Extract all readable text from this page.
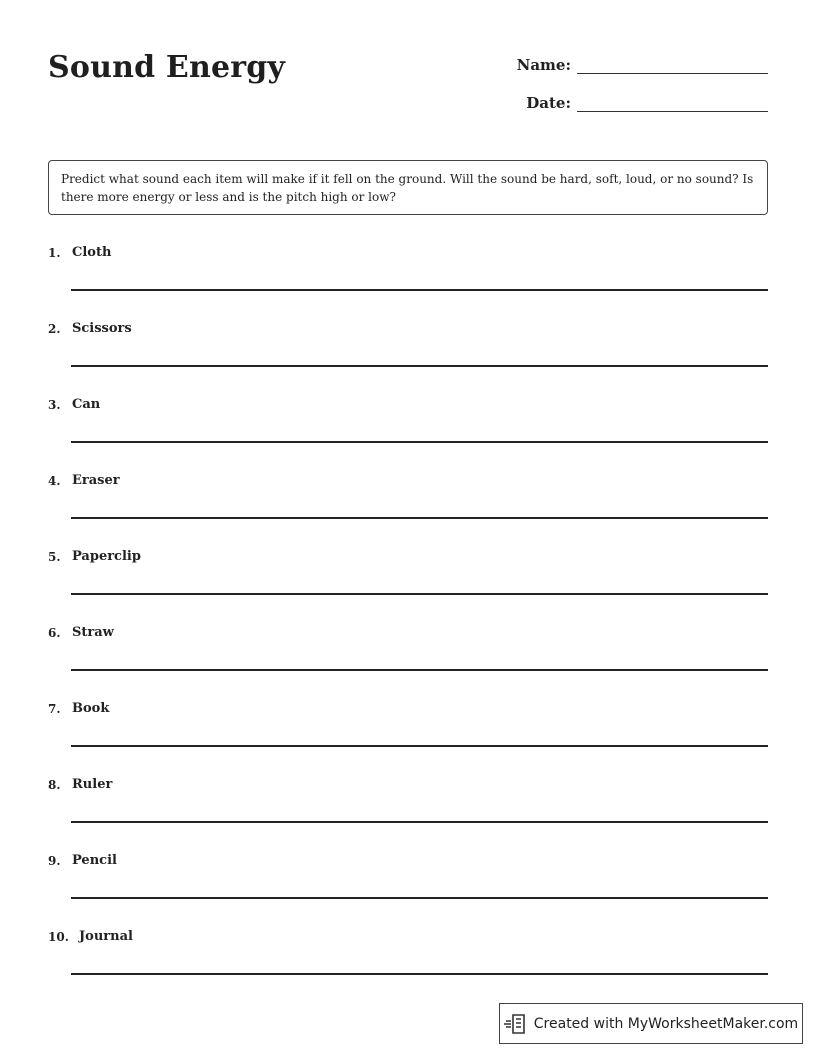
Sound Energy	Name:
Date:
Predict what sound each item will make if it fell on the ground. Will the sound be hard, soft, loud, or no sound? Is there more energy or less and is the pitch high or low?
1. Cloth
2. Scissors
3. Can
4. Eraser
5. Paperclip
6. Straw
7. Book
8. Ruler
9. Pencil
10. Journal
Created with MyWorksheetMaker.com
